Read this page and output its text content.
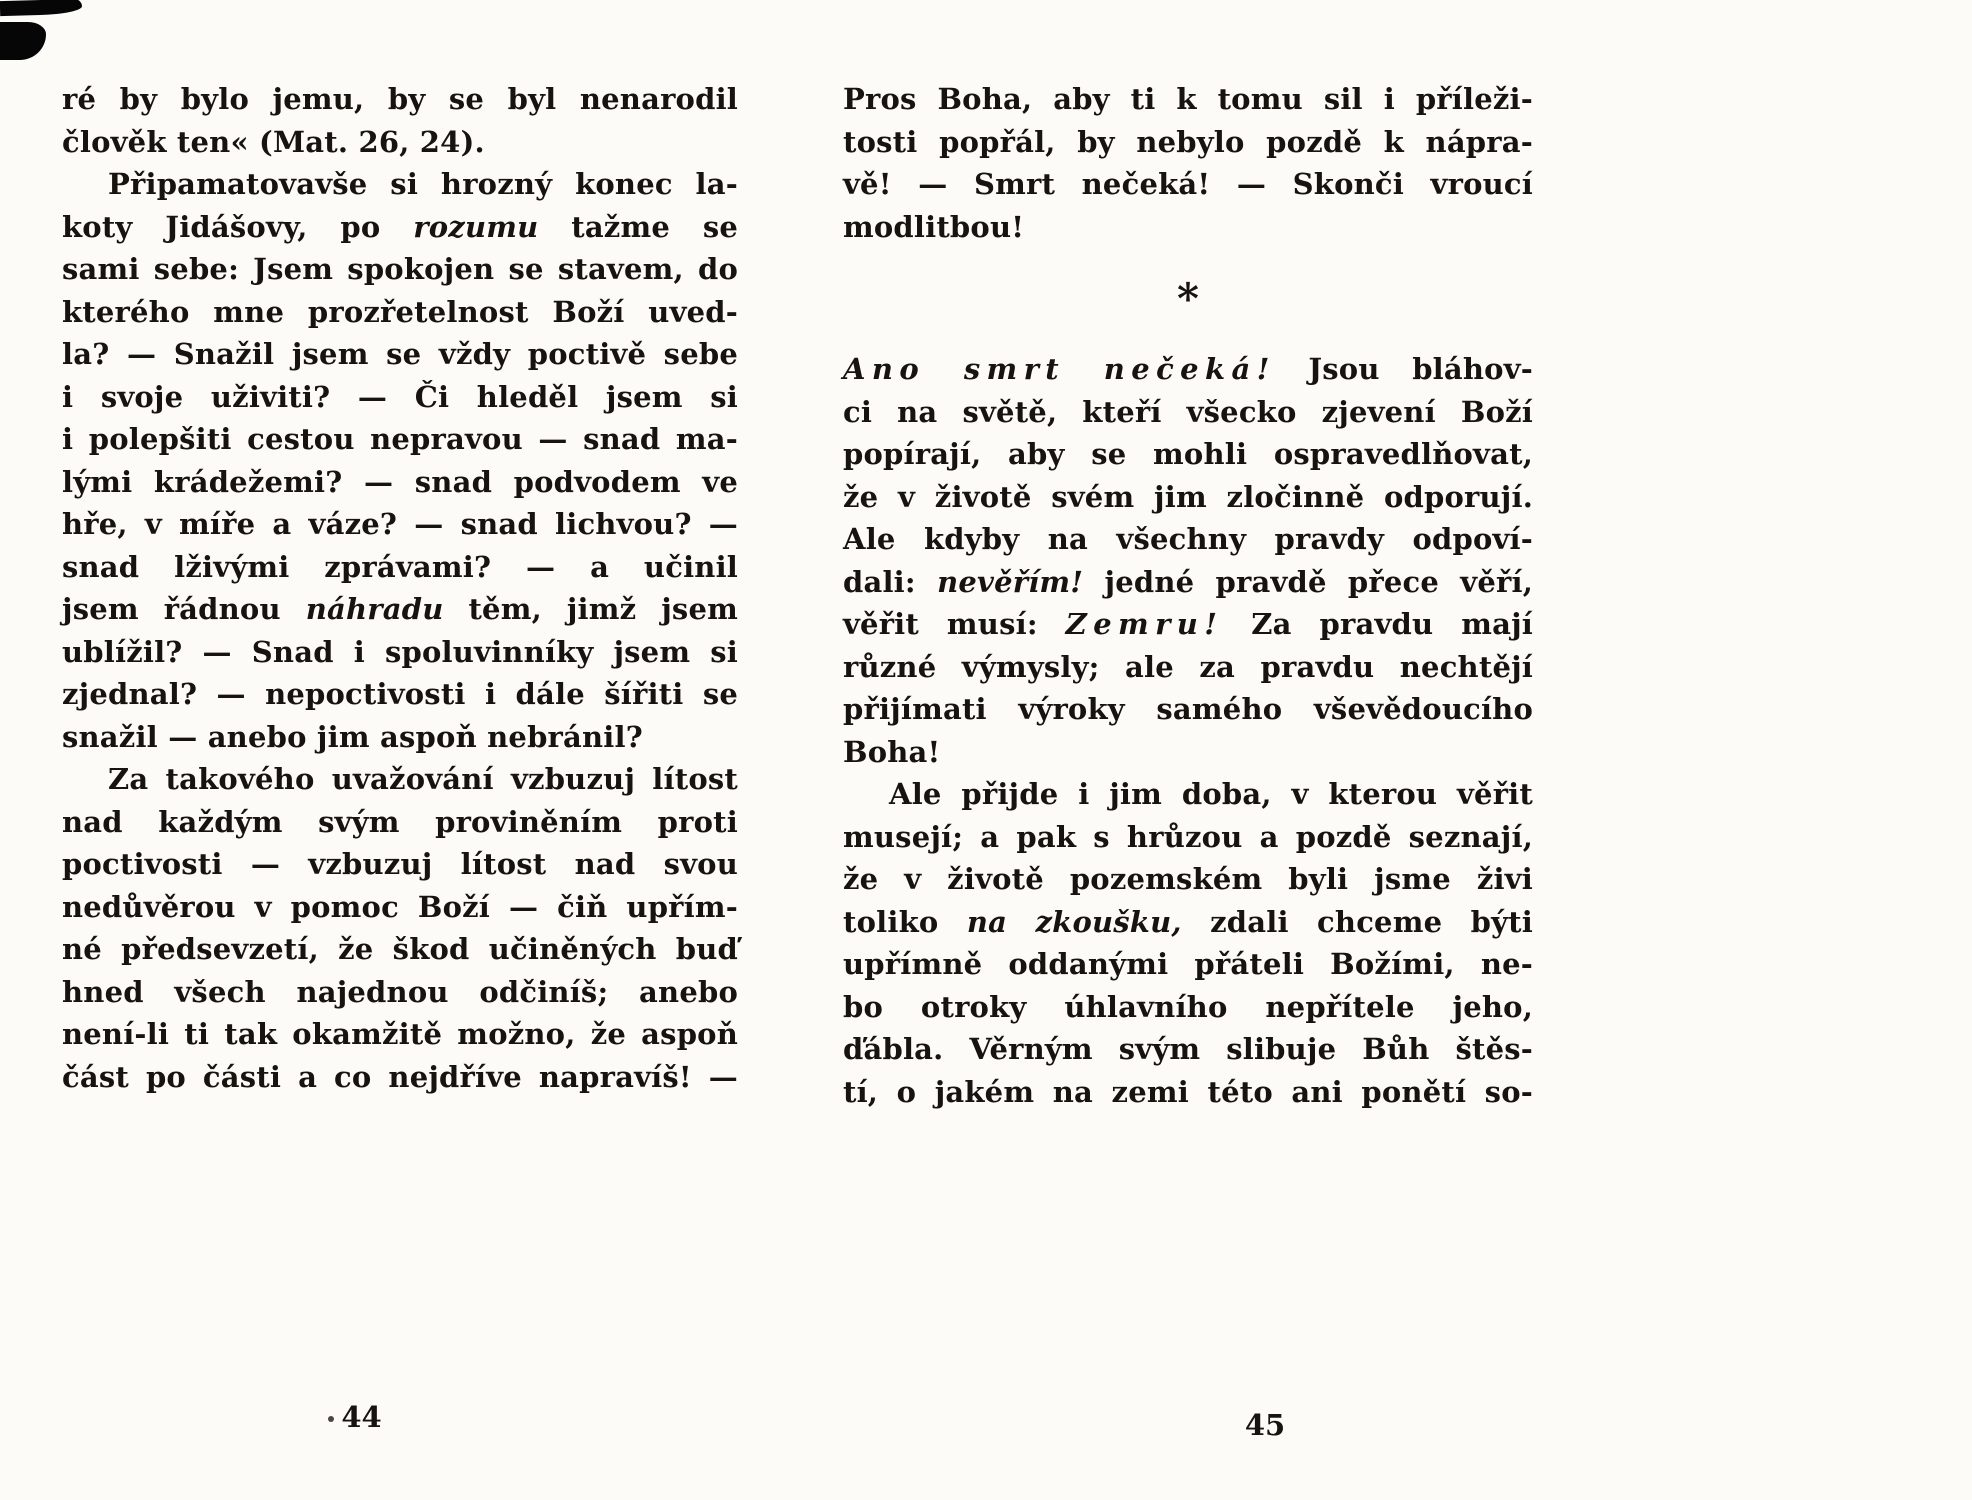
ré by bylo jemu, by se byl nenarodil
člověk ten« (Mat. 26, 24).
Připamatovavše si hrozný konec la-
koty Jidášovy, po rozumu tažme se
sami sebe: Jsem spokojen se stavem, do
kterého mne prozřetelnost Boží uved-
la? — Snažil jsem se vždy poctivě sebe
i svoje uživiti? — Či hleděl jsem si
i polepšiti cestou nepravou — snad ma-
lými krádežemi? — snad podvodem ve
hře, v míře a váze? — snad lichvou? —
snad lživými zprávami? — a učinil
jsem řádnou náhradu těm, jimž jsem
ublížil? — Snad i spoluvinníky jsem si
zjednal? — nepoctivosti i dále šířiti se
snažil — anebo jim aspoň nebránil?
Za takového uvažování vzbuzuj lítost
nad každým svým proviněním proti
poctivosti — vzbuzuj lítost nad svou
nedůvěrou v pomoc Boží — čiň upřím-
né předsevzetí, že škod učiněných buď
hned všech najednou odčiníš; anebo
není-li ti tak okamžitě možno, že aspoň
část po části a co nejdříve napravíš! —
Pros Boha, aby ti k tomu sil i příleži-
tosti popřál, by nebylo pozdě k nápra-
vě! — Smrt nečeká! — Skonči vroucí
modlitbou!
*
Ano smrt nečeká! Jsou bláhov-
ci na světě, kteří všecko zjevení Boží
popírají, aby se mohli ospravedlňovat,
že v životě svém jim zločinně odporují.
Ale kdyby na všechny pravdy odpoví-
dali: nevěřím! jedné pravdě přece věří,
věřit musí: Zemru! Za pravdu mají
různé výmysly; ale za pravdu nechtějí
přijímati výroky samého vševědoucího
Boha!
Ale přijde i jim doba, v kterou věřit
musejí; a pak s hrůzou a pozdě seznají,
že v životě pozemském byli jsme živi
toliko na zkoušku, zdali chceme býti
upřímně oddanými přáteli Božími, ne-
bo otroky úhlavního nepřítele jeho,
ďábla. Věrným svým slibuje Bůh štěs-
tí, o jakém na zemi této ani ponětí so-
44	45
